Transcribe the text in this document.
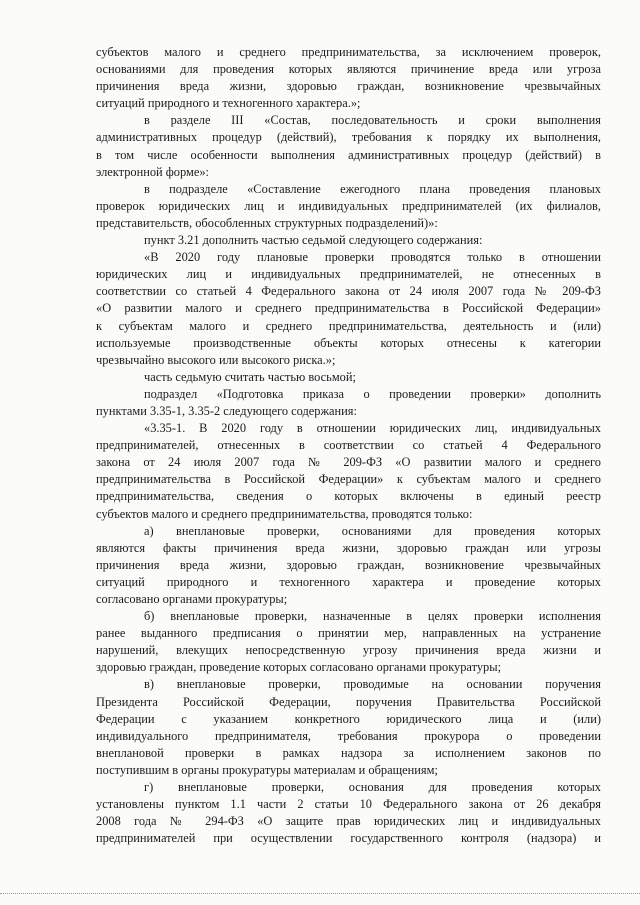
субъектов малого и среднего предпринимательства, за исключением проверок,
основаниями для проведения которых являются причинение вреда или угроза
причинения вреда жизни, здоровью граждан, возникновение чрезвычайных
ситуаций природного и техногенного характера.»;
в разделе III «Состав, последовательность и сроки выполнения
административных процедур (действий), требования к порядку их выполнения,
в том числе особенности выполнения административных процедур (действий) в
электронной форме»:
в подразделе «Составление ежегодного плана проведения плановых
проверок юридических лиц и индивидуальных предпринимателей (их филиалов,
представительств, обособленных структурных подразделений)»:
пункт 3.21 дополнить частью седьмой следующего содержания:
«В 2020 году плановые проверки проводятся только в отношении
юридических лиц и индивидуальных предпринимателей, не отнесенных в
соответствии со статьей 4 Федерального закона от 24 июля 2007 года № 209-ФЗ
«О развитии малого и среднего предпринимательства в Российской Федерации»
к субъектам малого и среднего предпринимательства, деятельность и (или)
используемые производственные объекты которых отнесены к категории
чрезвычайно высокого или высокого риска.»;
часть седьмую считать частью восьмой;
подраздел «Подготовка приказа о проведении проверки» дополнить
пунктами 3.35-1, 3.35-2 следующего содержания:
«3.35-1. В 2020 году в отношении юридических лиц, индивидуальных
предпринимателей, отнесенных в соответствии со статьей 4 Федерального
закона от 24 июля 2007 года № 209-ФЗ «О развитии малого и среднего
предпринимательства в Российской Федерации» к субъектам малого и среднего
предпринимательства, сведения о которых включены в единый реестр
субъектов малого и среднего предпринимательства, проводятся только:
а) внеплановые проверки, основаниями для проведения которых
являются факты причинения вреда жизни, здоровью граждан или угрозы
причинения вреда жизни, здоровью граждан, возникновение чрезвычайных
ситуаций природного и техногенного характера и проведение которых
согласовано органами прокуратуры;
б) внеплановые проверки, назначенные в целях проверки исполнения
ранее выданного предписания о принятии мер, направленных на устранение
нарушений, влекущих непосредственную угрозу причинения вреда жизни и
здоровью граждан, проведение которых согласовано органами прокуратуры;
в) внеплановые проверки, проводимые на основании поручения
Президента Российской Федерации, поручения Правительства Российской
Федерации с указанием конкретного юридического лица и (или)
индивидуального предпринимателя, требования прокурора о проведении
внеплановой проверки в рамках надзора за исполнением законов по
поступившим в органы прокуратуры материалам и обращениям;
г) внеплановые проверки, основания для проведения которых
установлены пунктом 1.1 части 2 статьи 10 Федерального закона от 26 декабря
2008 года № 294-ФЗ «О защите прав юридических лиц и индивидуальных
предпринимателей при осуществлении государственного контроля (надзора) и
